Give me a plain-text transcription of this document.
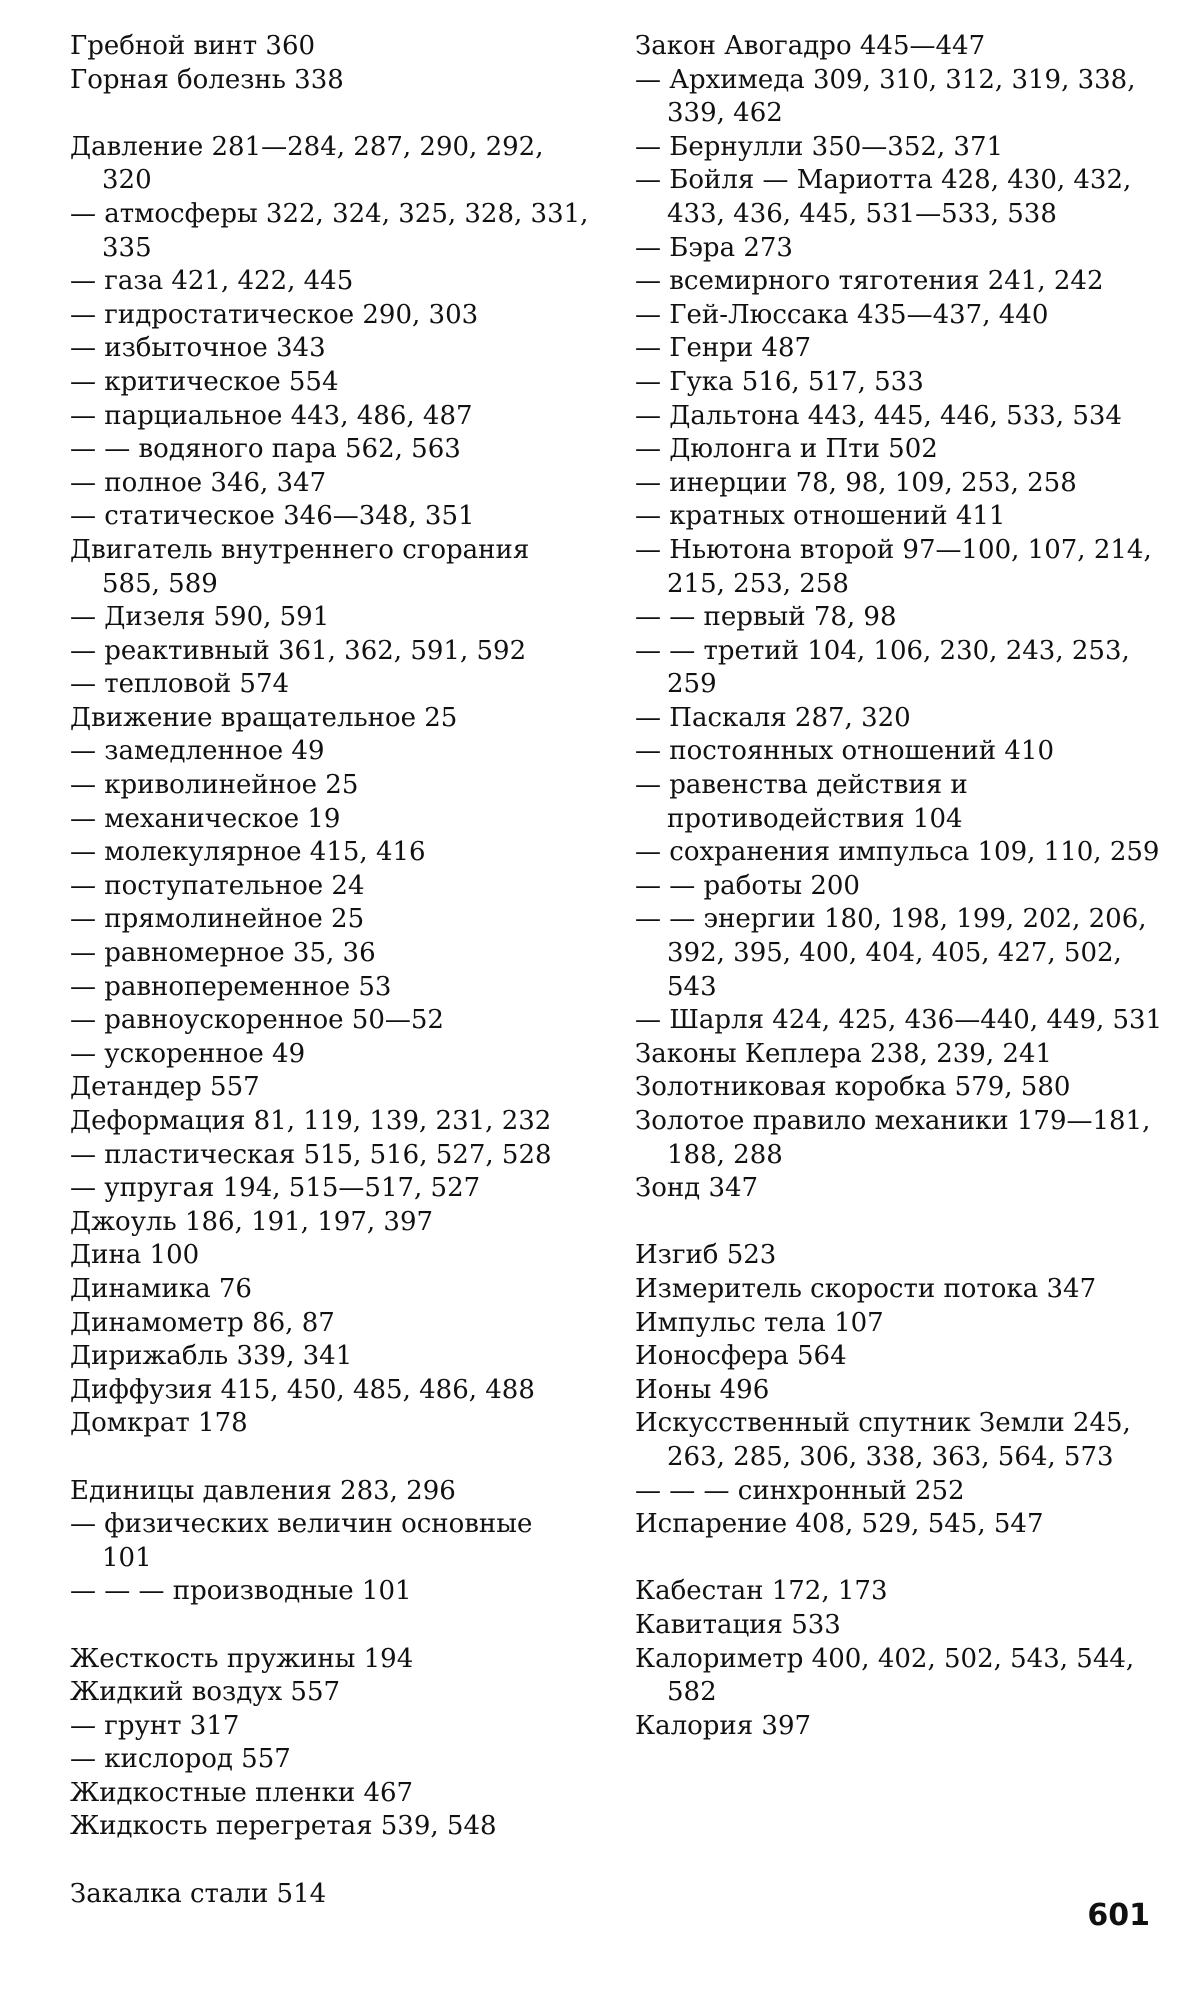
Гребной винт 360
Горная болезнь 338
Давление 281—284, 287, 290, 292, 320
— атмосферы 322, 324, 325, 328, 331, 335
— газа 421, 422, 445
— гидростатическое 290, 303
— избыточное 343
— критическое 554
— парциальное 443, 486, 487
— — водяного пара 562, 563
— полное 346, 347
— статическое 346—348, 351
Двигатель внутреннего сгорания 585, 589
— Дизеля 590, 591
— реактивный 361, 362, 591, 592
— тепловой 574
Движение вращательное 25
— замедленное 49
— криволинейное 25
— механическое 19
— молекулярное 415, 416
— поступательное 24
— прямолинейное 25
— равномерное 35, 36
— равнопеременное 53
— равноускоренное 50—52
— ускоренное 49
Детандер 557
Деформация 81, 119, 139, 231, 232
— пластическая 515, 516, 527, 528
— упругая 194, 515—517, 527
Джоуль 186, 191, 197, 397
Дина 100
Динамика 76
Динамометр 86, 87
Дирижабль 339, 341
Диффузия 415, 450, 485, 486, 488
Домкрат 178
Единицы давления 283, 296
— физических величин основные 101
— — — производные 101
Жесткость пружины 194
Жидкий воздух 557
— грунт 317
— кислород 557
Жидкостные пленки 467
Жидкость перегретая 539, 548
Закалка стали 514
Закон Авогадро 445—447
— Архимеда 309, 310, 312, 319, 338, 339, 462
— Бернулли 350—352, 371
— Бойля — Мариотта 428, 430, 432, 433, 436, 445, 531—533, 538
— Бэра 273
— всемирного тяготения 241, 242
— Гей-Люссака 435—437, 440
— Генри 487
— Гука 516, 517, 533
— Дальтона 443, 445, 446, 533, 534
— Дюлонга и Пти 502
— инерции 78, 98, 109, 253, 258
— кратных отношений 411
— Ньютона второй 97—100, 107, 214, 215, 253, 258
— — первый 78, 98
— — третий 104, 106, 230, 243, 253, 259
— Паскаля 287, 320
— постоянных отношений 410
— равенства действия и противодействия 104
— сохранения импульса 109, 110, 259
— — работы 200
— — энергии 180, 198, 199, 202, 206, 392, 395, 400, 404, 405, 427, 502, 543
— Шарля 424, 425, 436—440, 449, 531
Законы Кеплера 238, 239, 241
Золотниковая коробка 579, 580
Золотое правило механики 179—181, 188, 288
Зонд 347
Изгиб 523
Измеритель скорости потока 347
Импульс тела 107
Ионосфера 564
Ионы 496
Искусственный спутник Земли 245, 263, 285, 306, 338, 363, 564, 573
— — — синхронный 252
Испарение 408, 529, 545, 547
Кабестан 172, 173
Кавитация 533
Калориметр 400, 402, 502, 543, 544, 582
Калория 397
601
